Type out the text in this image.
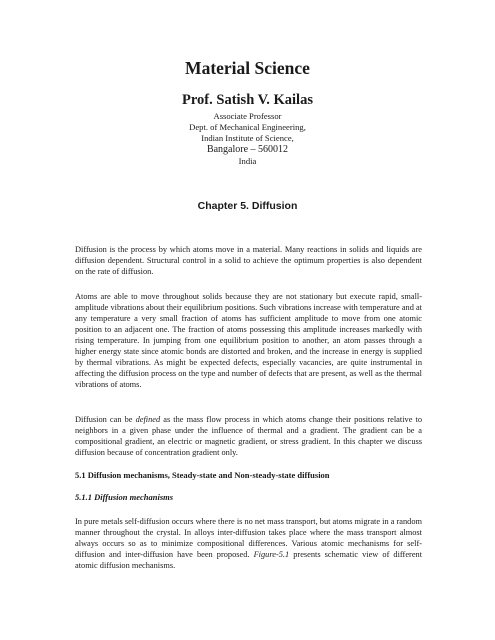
Material Science
Prof. Satish V. Kailas
Associate Professor
Dept. of Mechanical Engineering,
Indian Institute of Science,
Bangalore – 560012
India
Chapter 5. Diffusion

Diffusion is the process by which atoms move in a material. Many reactions in solids and liquids are diffusion dependent. Structural control in a solid to achieve the optimum properties is also dependent on the rate of diffusion.

Atoms are able to move throughout solids because they are not stationary but execute rapid, small-amplitude vibrations about their equilibrium positions. Such vibrations increase with temperature and at any temperature a very small fraction of atoms has sufficient amplitude to move from one atomic position to an adjacent one. The fraction of atoms possessing this amplitude increases markedly with rising temperature. In jumping from one equilibrium position to another, an atom passes through a higher energy state since atomic bonds are distorted and broken, and the increase in energy is supplied by thermal vibrations. As might be expected defects, especially vacancies, are quite instrumental in affecting the diffusion process on the type and number of defects that are present, as well as the thermal vibrations of atoms.

Diffusion can be defined as the mass flow process in which atoms change their positions relative to neighbors in a given phase under the influence of thermal and a gradient. The gradient can be a compositional gradient, an electric or magnetic gradient, or stress gradient. In this chapter we discuss diffusion because of concentration gradient only.

5.1 Diffusion mechanisms, Steady-state and Non-steady-state diffusion

5.1.1 Diffusion mechanisms

In pure metals self-diffusion occurs where there is no net mass transport, but atoms migrate in a random manner throughout the crystal. In alloys inter-diffusion takes place where the mass transport almost always occurs so as to minimize compositional differences. Various atomic mechanisms for self-diffusion and inter-diffusion have been proposed. Figure-5.1 presents schematic view of different atomic diffusion mechanisms.
